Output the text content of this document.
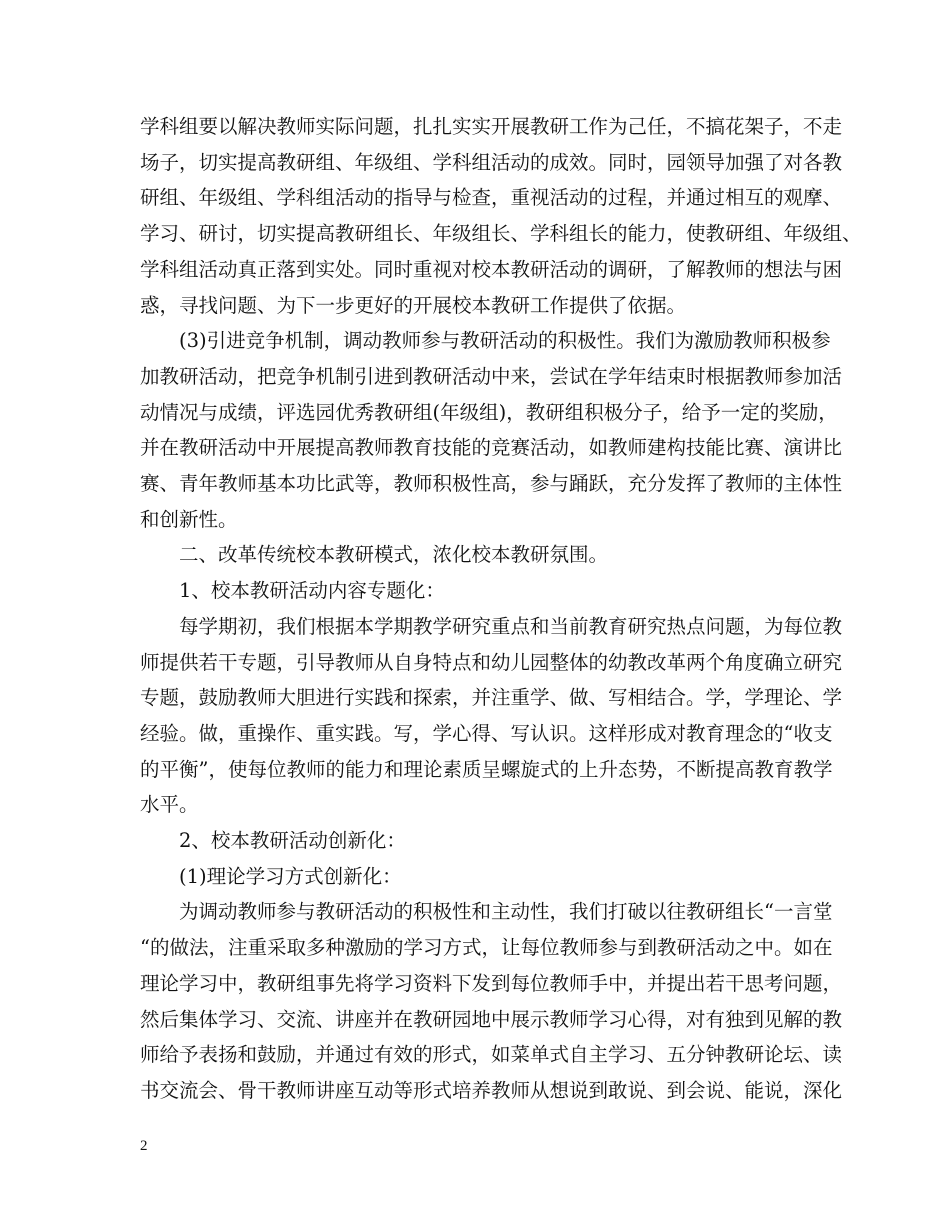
学科组要以解决教师实际问题，扎扎实实开展教研工作为己任，不搞花架子，不走
场子，切实提高教研组、年级组、学科组活动的成效。同时，园领导加强了对各教
研组、年级组、学科组活动的指导与检查，重视活动的过程，并通过相互的观摩、
学习、研讨，切实提高教研组长、年级组长、学科组长的能力，使教研组、年级组、
学科组活动真正落到实处。同时重视对校本教研活动的调研，了解教师的想法与困
惑，寻找问题、为下一步更好的开展校本教研工作提供了依据。
　　(3)引进竞争机制，调动教师参与教研活动的积极性。我们为激励教师积极参
加教研活动，把竞争机制引进到教研活动中来，尝试在学年结束时根据教师参加活
动情况与成绩，评选园优秀教研组(年级组)，教研组积极分子，给予一定的奖励，
并在教研活动中开展提高教师教育技能的竞赛活动，如教师建构技能比赛、演讲比
赛、青年教师基本功比武等，教师积极性高，参与踊跃，充分发挥了教师的主体性
和创新性。
　　二、改革传统校本教研模式，浓化校本教研氛围。
　　1、校本教研活动内容专题化：
　　每学期初，我们根据本学期教学研究重点和当前教育研究热点问题，为每位教
师提供若干专题，引导教师从自身特点和幼儿园整体的幼教改革两个角度确立研究
专题，鼓励教师大胆进行实践和探索，并注重学、做、写相结合。学，学理论、学
经验。做，重操作、重实践。写，学心得、写认识。这样形成对教育理念的“收支
的平衡”，使每位教师的能力和理论素质呈螺旋式的上升态势，不断提高教育教学
水平。
　　2、校本教研活动创新化：
　　(1)理论学习方式创新化：
　　为调动教师参与教研活动的积极性和主动性，我们打破以往教研组长“一言堂
“的做法，注重采取多种激励的学习方式，让每位教师参与到教研活动之中。如在
理论学习中，教研组事先将学习资料下发到每位教师手中，并提出若干思考问题，
然后集体学习、交流、讲座并在教研园地中展示教师学习心得，对有独到见解的教
师给予表扬和鼓励，并通过有效的形式，如菜单式自主学习、五分钟教研论坛、读
书交流会、骨干教师讲座互动等形式培养教师从想说到敢说、到会说、能说，深化
2
